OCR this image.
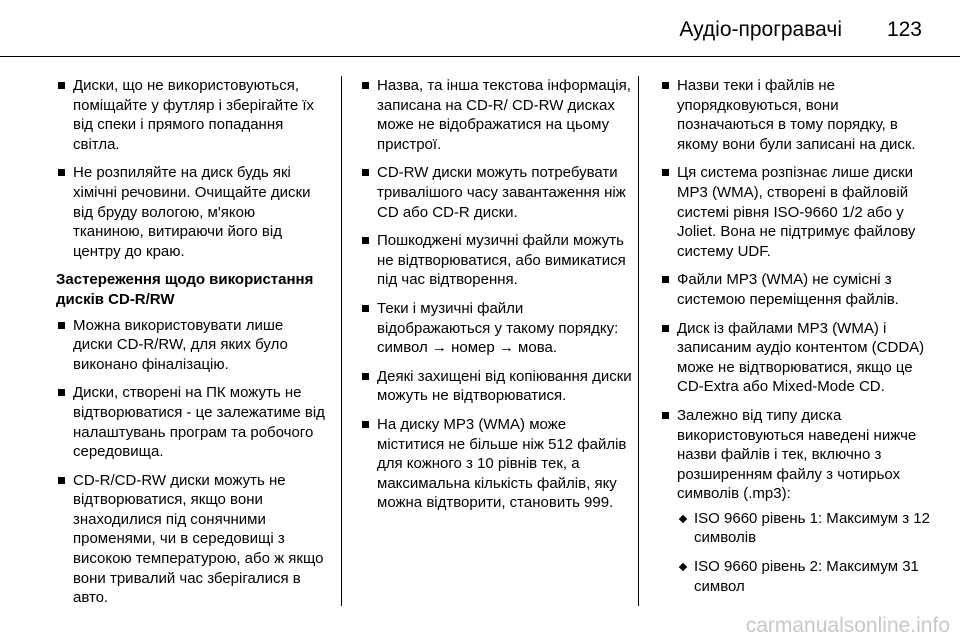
Аудіо-програвачі 123
Диски, що не використовуються, поміщайте у футляр і зберігайте їх від спеки і прямого попадання світла.
Не розпиляйте на диск будь які хімічні речовини. Очищайте диски від бруду вологою, м'якою тканиною, витираючи його від центру до краю.
Застереження щодо використання дисків CD-R/RW
Можна використовувати лише диски CD-R/RW, для яких було виконано фіналізацію.
Диски, створені на ПК можуть не відтворюватися - це залежатиме від налаштувань програм та робочого середовища.
CD-R/CD-RW диски можуть не відтворюватися, якщо вони знаходилися під сонячними променями, чи в середовищі з високою температурою, або ж якщо вони тривалий час зберігалися в авто.
Назва, та інша текстова інформація, записана на CD-R/ CD-RW дисках може не відображатися на цьому пристрої.
CD-RW диски можуть потребувати тривалішого часу завантаження ніж CD або CD-R диски.
Пошкоджені музичні файли можуть не відтворюватися, або вимикатися під час відтворення.
Теки і музичні файли відображаються у такому порядку: символ → номер → мова.
Деякі захищені від копіювання диски можуть не відтворюватися.
На диску MP3 (WMA) може міститися не більше ніж 512 файлів для кожного з 10 рівнів тек, а максимальна кількість файлів, яку можна відтворити, становить 999.
Назви теки і файлів не упорядковуються, вони позначаються в тому порядку, в якому вони були записані на диск.
Ця система розпізнає лише диски MP3 (WMA), створені в файловій системі рівня ISO-9660 1/2 або у Joliet. Вона не підтримує файлову систему UDF.
Файли MP3 (WMA) не сумісні з системою переміщення файлів.
Диск із файлами MP3 (WMA) і записаним аудіо контентом (CDDA) може не відтворюватися, якщо це CD-Extra або Mixed-Mode CD.
Залежно від типу диска використовуються наведені нижче назви файлів і тек, включно з розширенням файлу з чотирьох символів (.mp3):
ISO 9660 рівень 1: Максимум з 12 символів
ISO 9660 рівень 2: Максимум 31 символ
carmanualsonline.info
